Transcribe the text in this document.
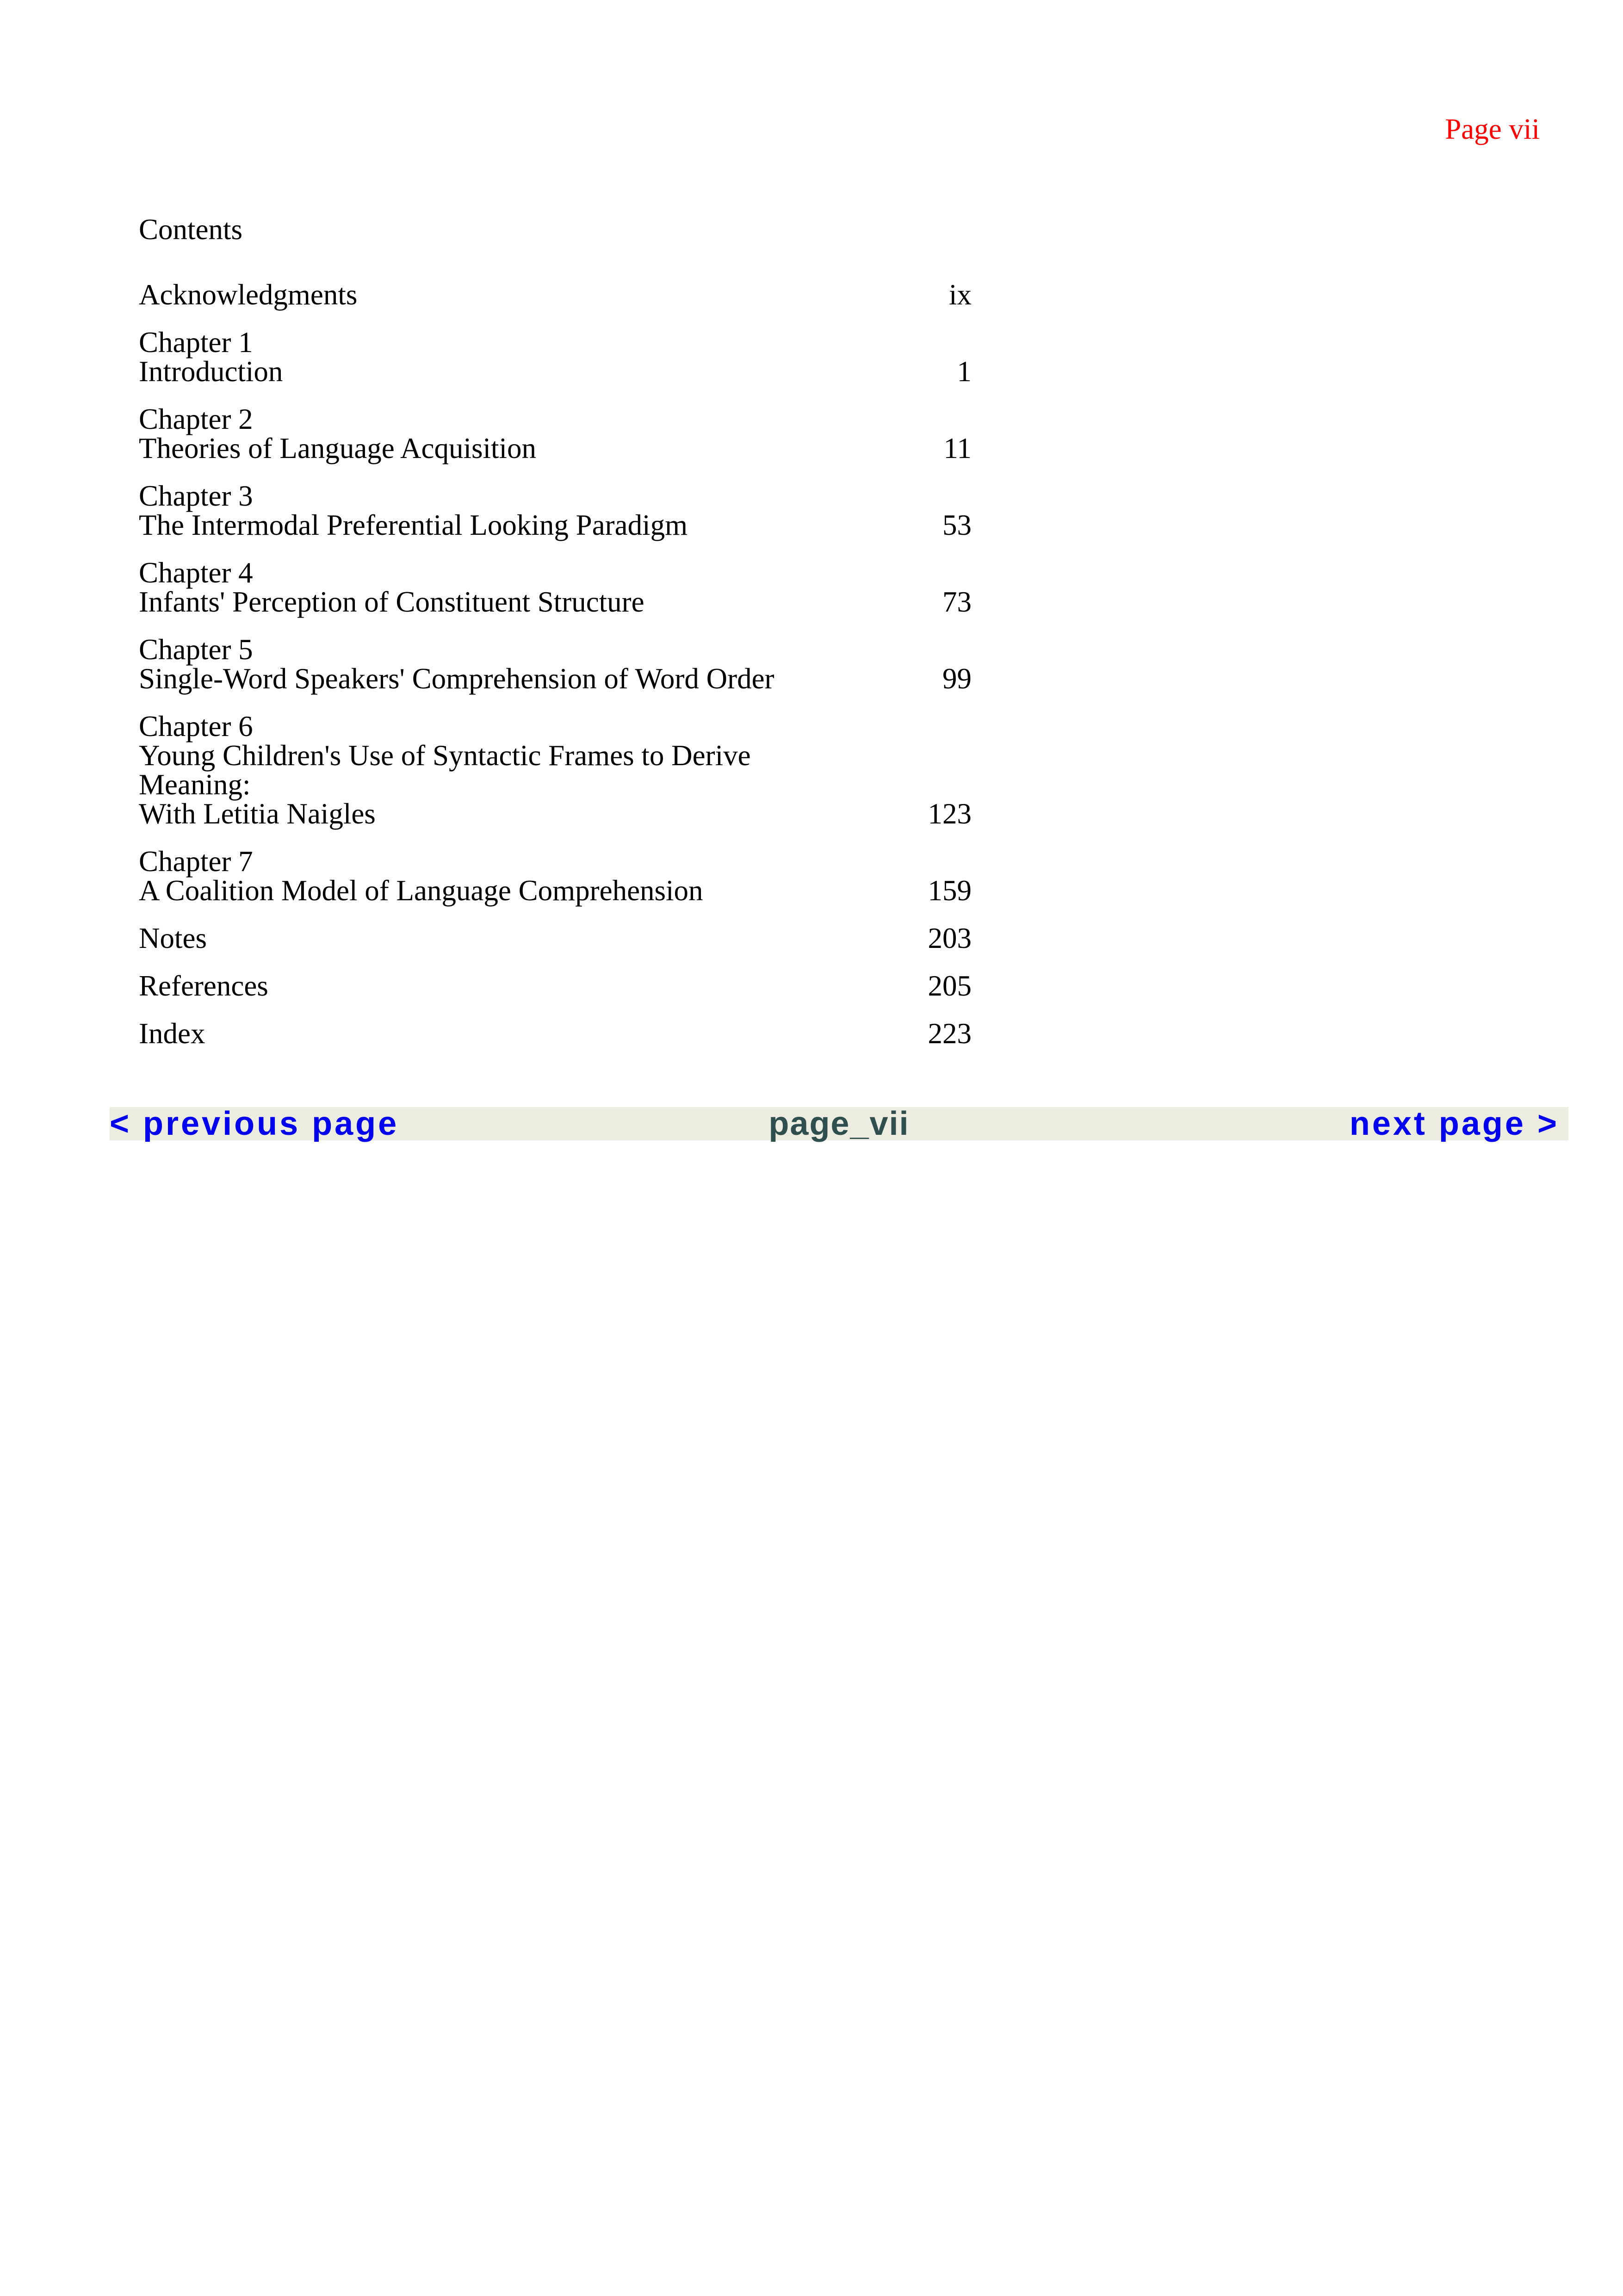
Page vii
Contents
Acknowledgments	ix
Chapter 1
Introduction	1
Chapter 2
Theories of Language Acquisition	11
Chapter 3
The Intermodal Preferential Looking Paradigm	53
Chapter 4
Infants' Perception of Constituent Structure	73
Chapter 5
Single-Word Speakers' Comprehension of Word Order	99
Chapter 6
Young Children's Use of Syntactic Frames to Derive Meaning:
With Letitia Naigles	123
Chapter 7
A Coalition Model of Language Comprehension	159
Notes	203
References	205
Index	223
< previous page	page_vii	next page >
